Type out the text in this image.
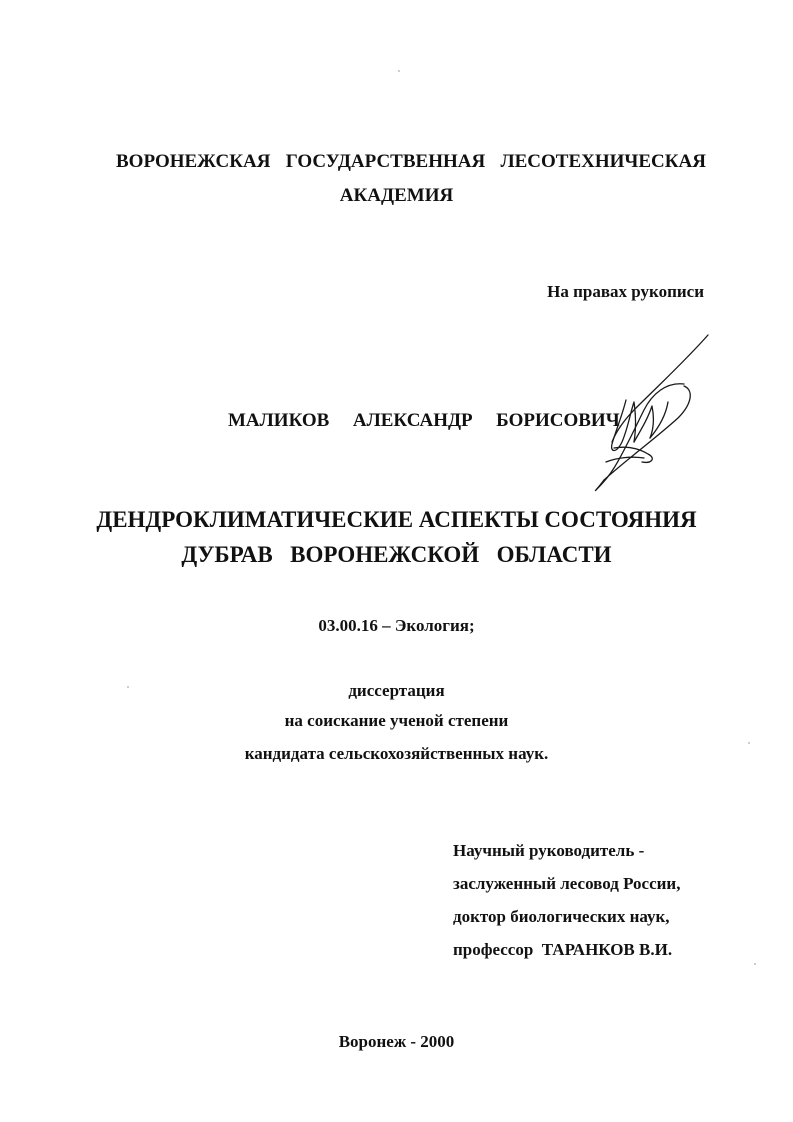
ВОРОНЕЖСКАЯ ГОСУДАРСТВЕННАЯ ЛЕСОТЕХНИЧЕСКАЯ
АКАДЕМИЯ
На правах рукописи
МАЛИКОВ  АЛЕКСАНДР  БОРИСОВИЧ
ДЕНДРОКЛИМАТИЧЕСКИЕ АСПЕКТЫ СОСТОЯНИЯ
ДУБРАВ  ВОРОНЕЖСКОЙ  ОБЛАСТИ
03.00.16 – Экология;
диссертация
на соискание ученой степени
кандидата сельскохозяйственных наук.
Научный руководитель -
заслуженный лесовод России,
доктор биологических наук,
профессор  ТАРАНКОВ В.И.
Воронеж - 2000
